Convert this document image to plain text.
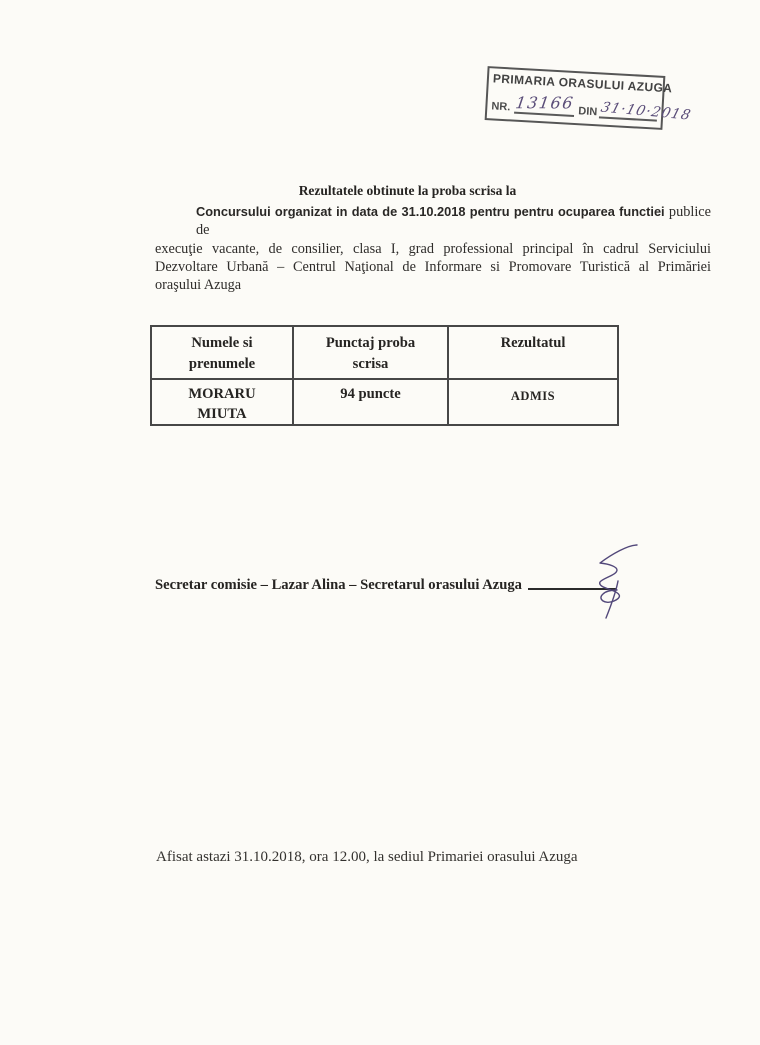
PRIMARIA ORASULUI AZUGA
NR. 13166 DIN 31·10·2018
Rezultatele obtinute la proba scrisa la
Concursului organizat in data de 31.10.2018 pentru pentru ocuparea functiei publice de
execuţie vacante, de consilier, clasa I, grad professional principal în cadrul Serviciului
Dezvoltare Urbană – Centrul Naţional de Informare si Promovare Turistică al Primăriei
oraşului Azuga
Numele si prenumele	Punctaj proba scrisa	Rezultatul
MORARU MIUTA	94 puncte	ADMIS
Secretar comisie – Lazar Alina – Secretarul orasului Azuga
Afisat astazi 31.10.2018, ora 12.00, la sediul Primariei orasului Azuga
